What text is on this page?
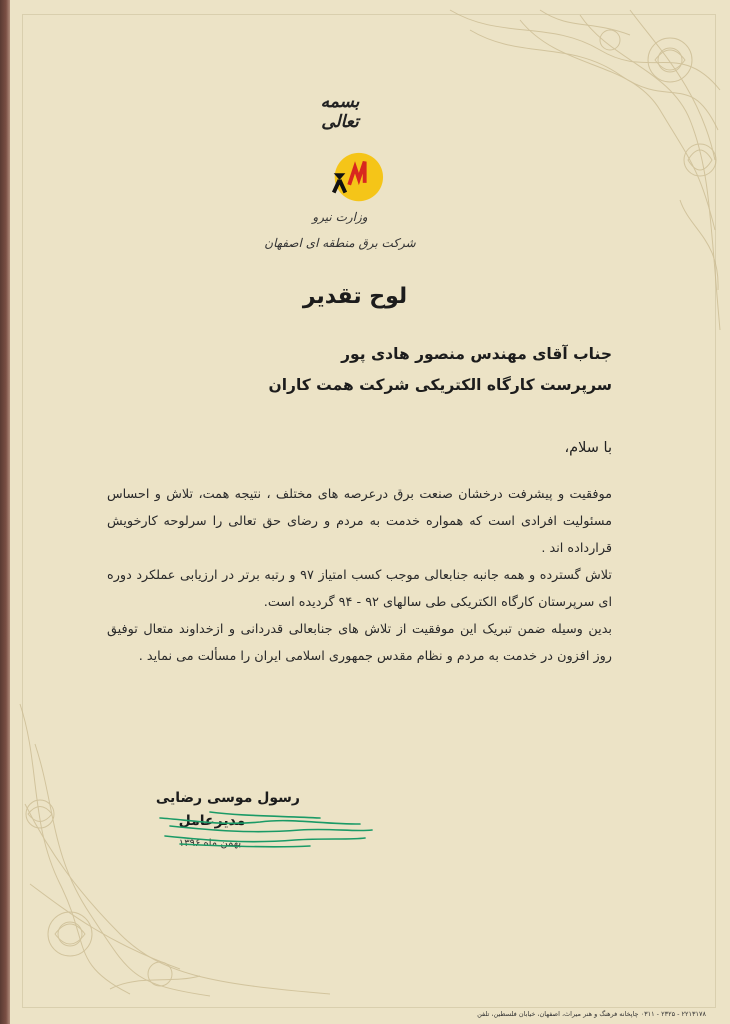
بسمه تعالی
وزارت نیرو
شرکت برق منطقه ای اصفهان
لوح تقدیر
جناب آقای مهندس منصور هادی پور
سرپرست کارگاه الکتریکی شرکت همت کاران
با سلام،

موفقیت و پیشرفت درخشان صنعت برق درعرصه های مختلف ، نتیجه همت، تلاش و احساس مسئولیت افرادی است که همواره خدمت به مردم و رضای حق تعالی را سرلوحه کارخویش قرارداده اند .

تلاش گسترده و همه جانبه جنابعالی موجب کسب امتیاز ۹۷ و رتبه برتر در ارزیابی عملکرد دوره ای سرپرستان کارگاه الکتریکی طی سالهای ۹۲ - ۹۴ گردیده است.

بدین وسیله ضمن تبریک این موفقیت از تلاش های جنابعالی قدردانی و ازخداوند متعال توفیق روز افزون در خدمت به مردم و نظام مقدس جمهوری اسلامی ایران را مسألت می نماید .

رسول موسی رضایی
مدیرعامل
بهمن ماه ۱۳۹۶
۲۲۱۳۱۷۸ - ۲۳۲۵ - ۰۳۱۱ چاپخانه فرهنگ و هنر میراث، اصفهان، خیابان فلسطین، تلفن
